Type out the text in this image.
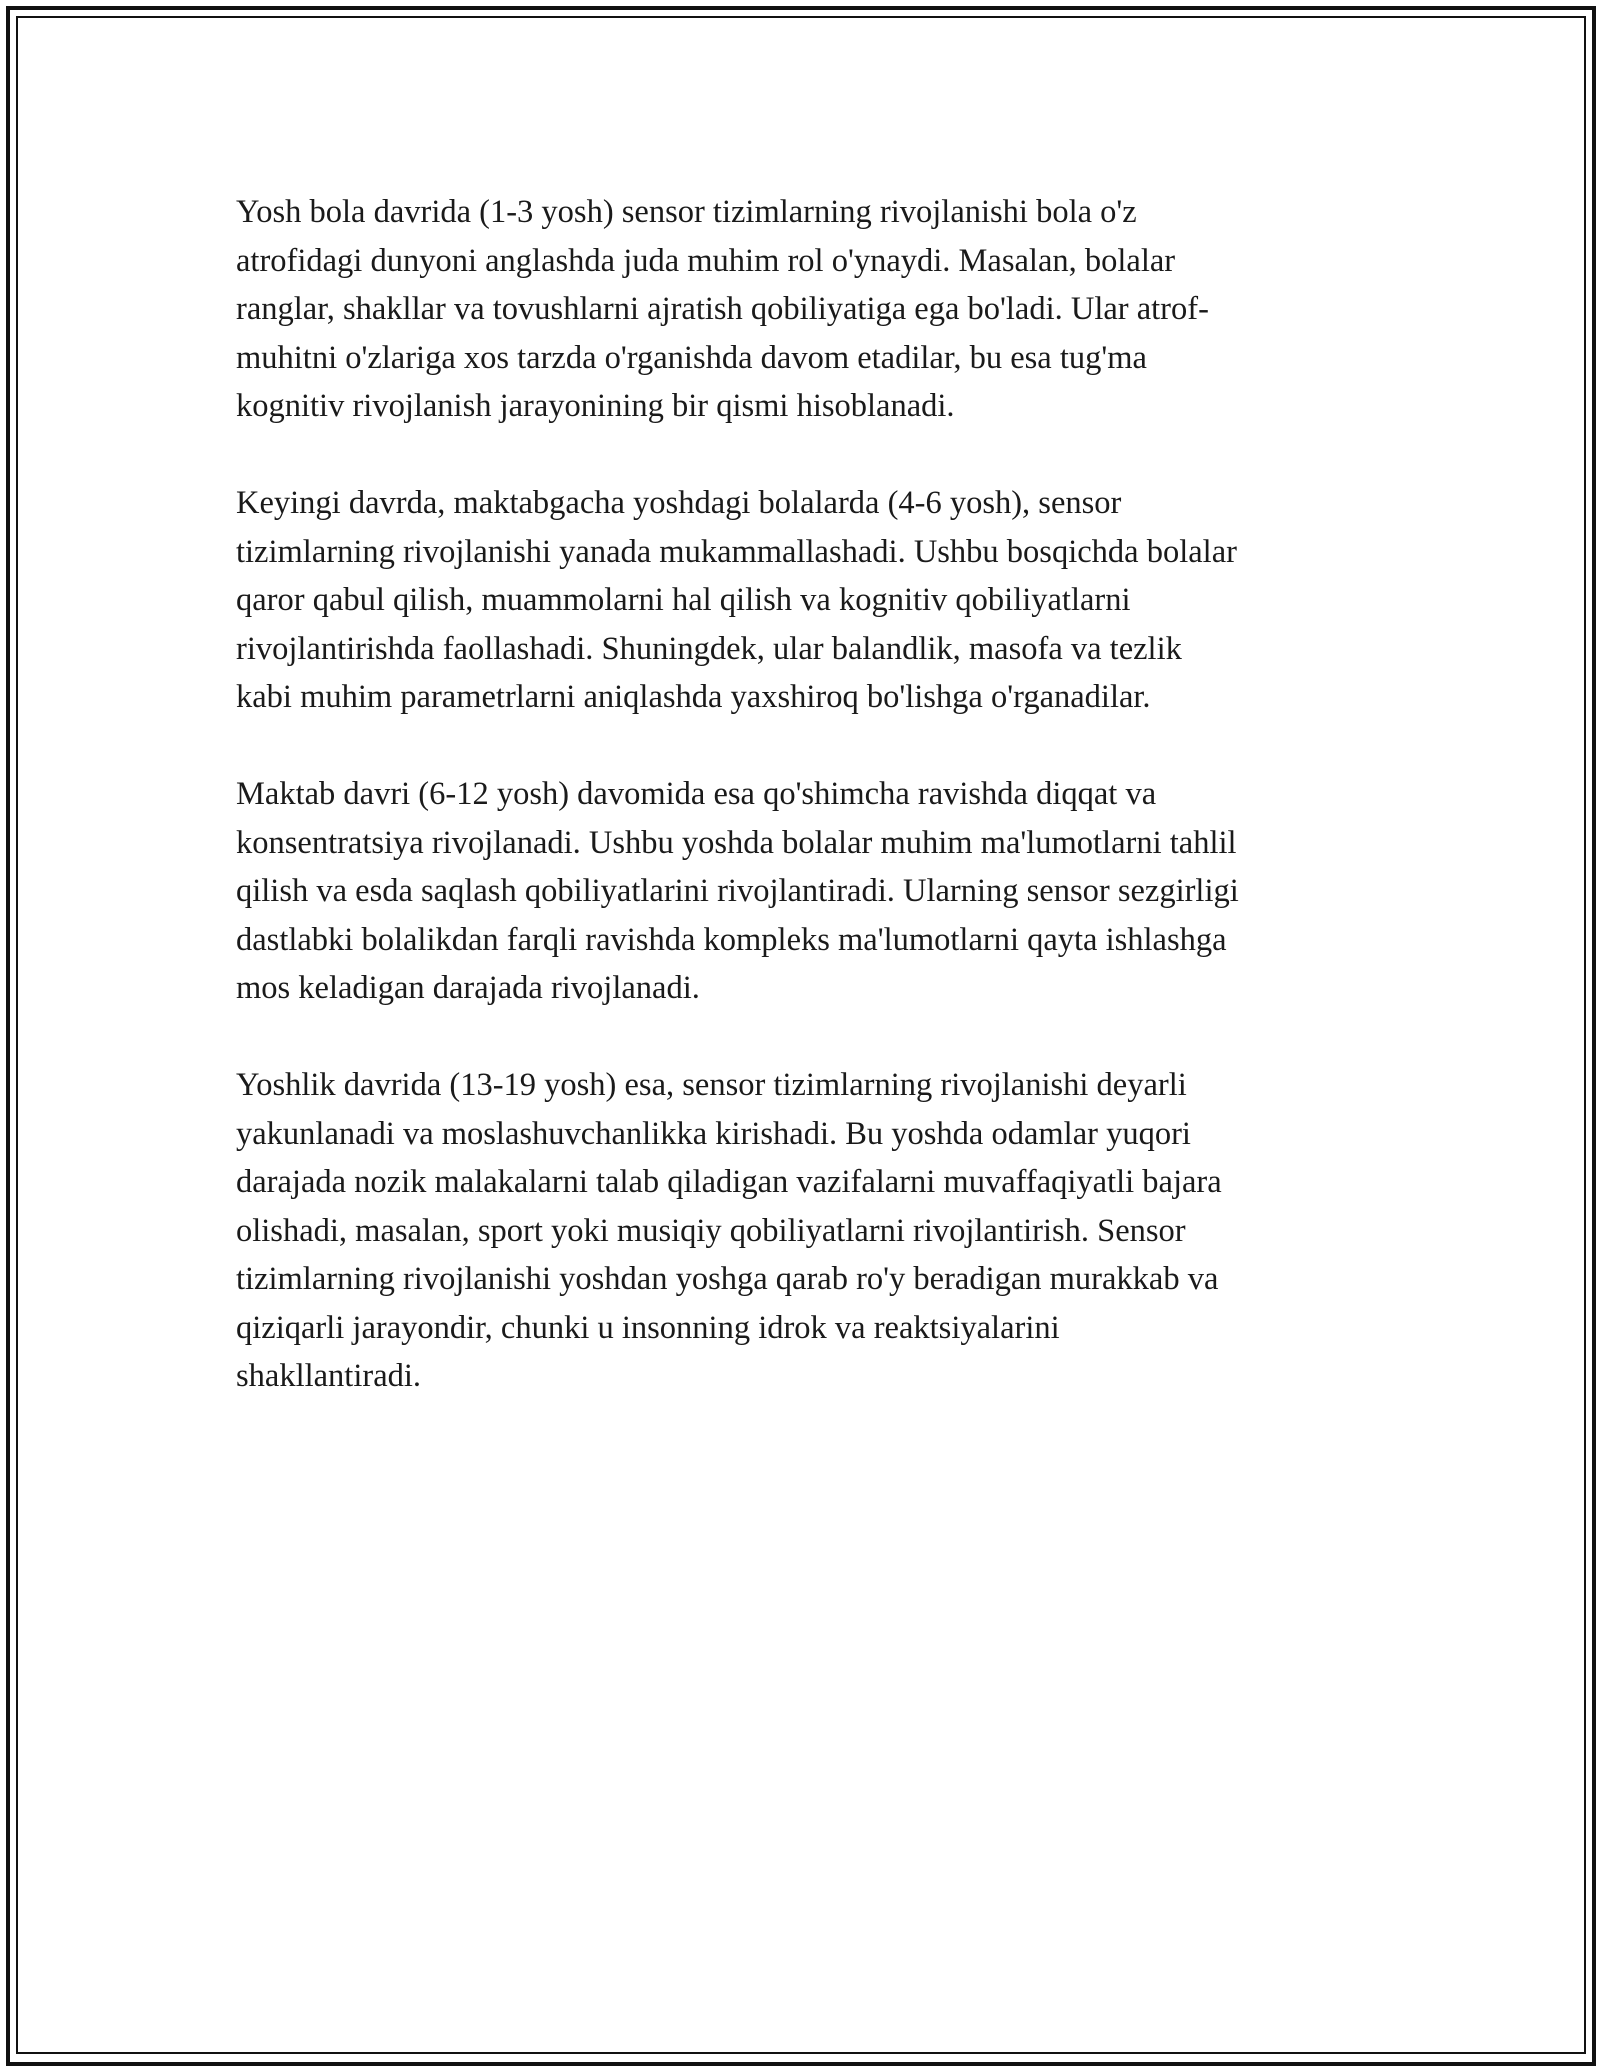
Yosh bola davrida (1-3 yosh) sensor tizimlarning rivojlanishi bola o'z
atrofidagi dunyoni anglashda juda muhim rol o'ynaydi. Masalan, bolalar
ranglar, shakllar va tovushlarni ajratish qobiliyatiga ega bo'ladi. Ular atrof-
muhitni o'zlariga xos tarzda o'rganishda davom etadilar, bu esa tug'ma
kognitiv rivojlanish jarayonining bir qismi hisoblanadi.

Keyingi davrda, maktabgacha yoshdagi bolalarda (4-6 yosh), sensor
tizimlarning rivojlanishi yanada mukammallashadi. Ushbu bosqichda bolalar
qaror qabul qilish, muammolarni hal qilish va kognitiv qobiliyatlarni
rivojlantirishda faollashadi. Shuningdek, ular balandlik, masofa va tezlik
kabi muhim parametrlarni aniqlashda yaxshiroq bo'lishga o'rganadilar.

Maktab davri (6-12 yosh) davomida esa qo'shimcha ravishda diqqat va
konsentratsiya rivojlanadi. Ushbu yoshda bolalar muhim ma'lumotlarni tahlil
qilish va esda saqlash qobiliyatlarini rivojlantiradi. Ularning sensor sezgirligi
dastlabki bolalikdan farqli ravishda kompleks ma'lumotlarni qayta ishlashga
mos keladigan darajada rivojlanadi.

Yoshlik davrida (13-19 yosh) esa, sensor tizimlarning rivojlanishi deyarli
yakunlanadi va moslashuvchanlikka kirishadi. Bu yoshda odamlar yuqori
darajada nozik malakalarni talab qiladigan vazifalarni muvaffaqiyatli bajara
olishadi, masalan, sport yoki musiqiy qobiliyatlarni rivojlantirish. Sensor
tizimlarning rivojlanishi yoshdan yoshga qarab ro'y beradigan murakkab va
qiziqarli jarayondir, chunki u insonning idrok va reaktsiyalarini
shakllantiradi.
